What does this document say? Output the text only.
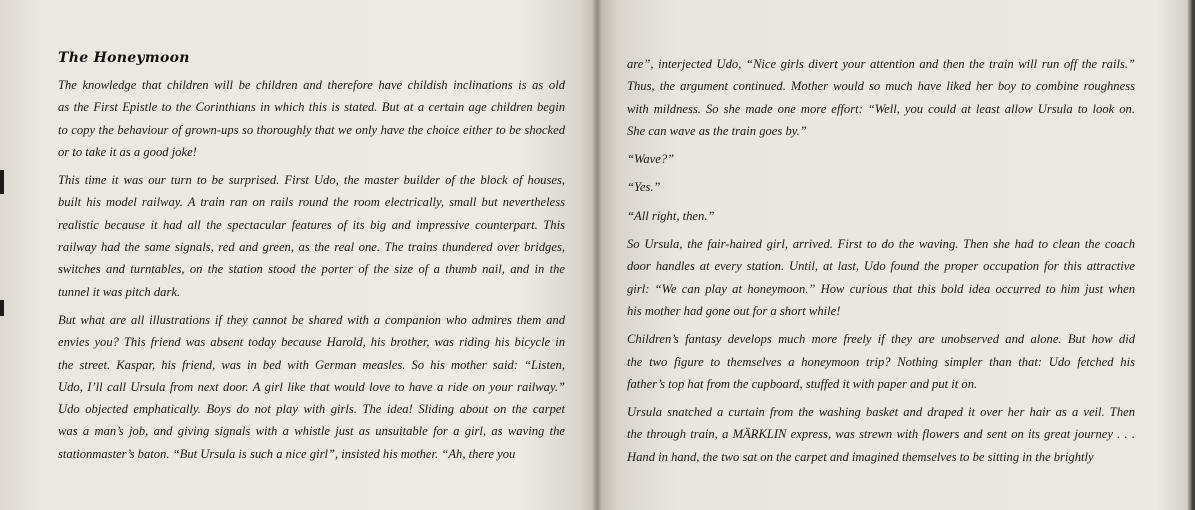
The Honeymoon

The knowledge that children will be children and therefore have childish inclinations is as old
as the First Epistle to the Corinthians in which this is stated. But at a certain age children begin
to copy the behaviour of grown-ups so thoroughly that we only have the choice either to be shocked
or to take it as a good joke!

This time it was our turn to be surprised. First Udo, the master builder of the block of houses,
built his model railway. A train ran on rails round the room electrically, small but nevertheless
realistic because it had all the spectacular features of its big and impressive counterpart. This
railway had the same signals, red and green, as the real one. The trains thundered over bridges,
switches and turntables, on the station stood the porter of the size of a thumb nail, and in the
tunnel it was pitch dark.

But what are all illustrations if they cannot be shared with a companion who admires them and
envies you? This friend was absent today because Harold, his brother, was riding his bicycle in
the street. Kaspar, his friend, was in bed with German measles. So his mother said: “Listen,
Udo, I’ll call Ursula from next door. A girl like that would love to have a ride on your railway.”
Udo objected emphatically. Boys do not play with girls. The idea! Sliding about on the carpet
was a man’s job, and giving signals with a whistle just as unsuitable for a girl, as waving the
stationmaster’s baton. “But Ursula is such a nice girl”, insisted his mother. “Ah, there you

are”, interjected Udo, “Nice girls divert your attention and then the train will run off the rails.”
Thus, the argument continued. Mother would so much have liked her boy to combine roughness
with mildness. So she made one more effort: “Well, you could at least allow Ursula to look on.
She can wave as the train goes by.”

“Wave?”

“Yes.”

“All right, then.”

So Ursula, the fair-haired girl, arrived. First to do the waving. Then she had to clean the coach
door handles at every station. Until, at last, Udo found the proper occupation for this attractive
girl: “We can play at honeymoon.” How curious that this bold idea occurred to him just when
his mother had gone out for a short while!

Children’s fantasy develops much more freely if they are unobserved and alone. But how did
the two figure to themselves a honeymoon trip? Nothing simpler than that: Udo fetched his
father’s top hat from the cupboard, stuffed it with paper and put it on.

Ursula snatched a curtain from the washing basket and draped it over her hair as a veil. Then
the through train, a MÄRKLIN express, was strewn with flowers and sent on its great journey . . .
Hand in hand, the two sat on the carpet and imagined themselves to be sitting in the brightly
